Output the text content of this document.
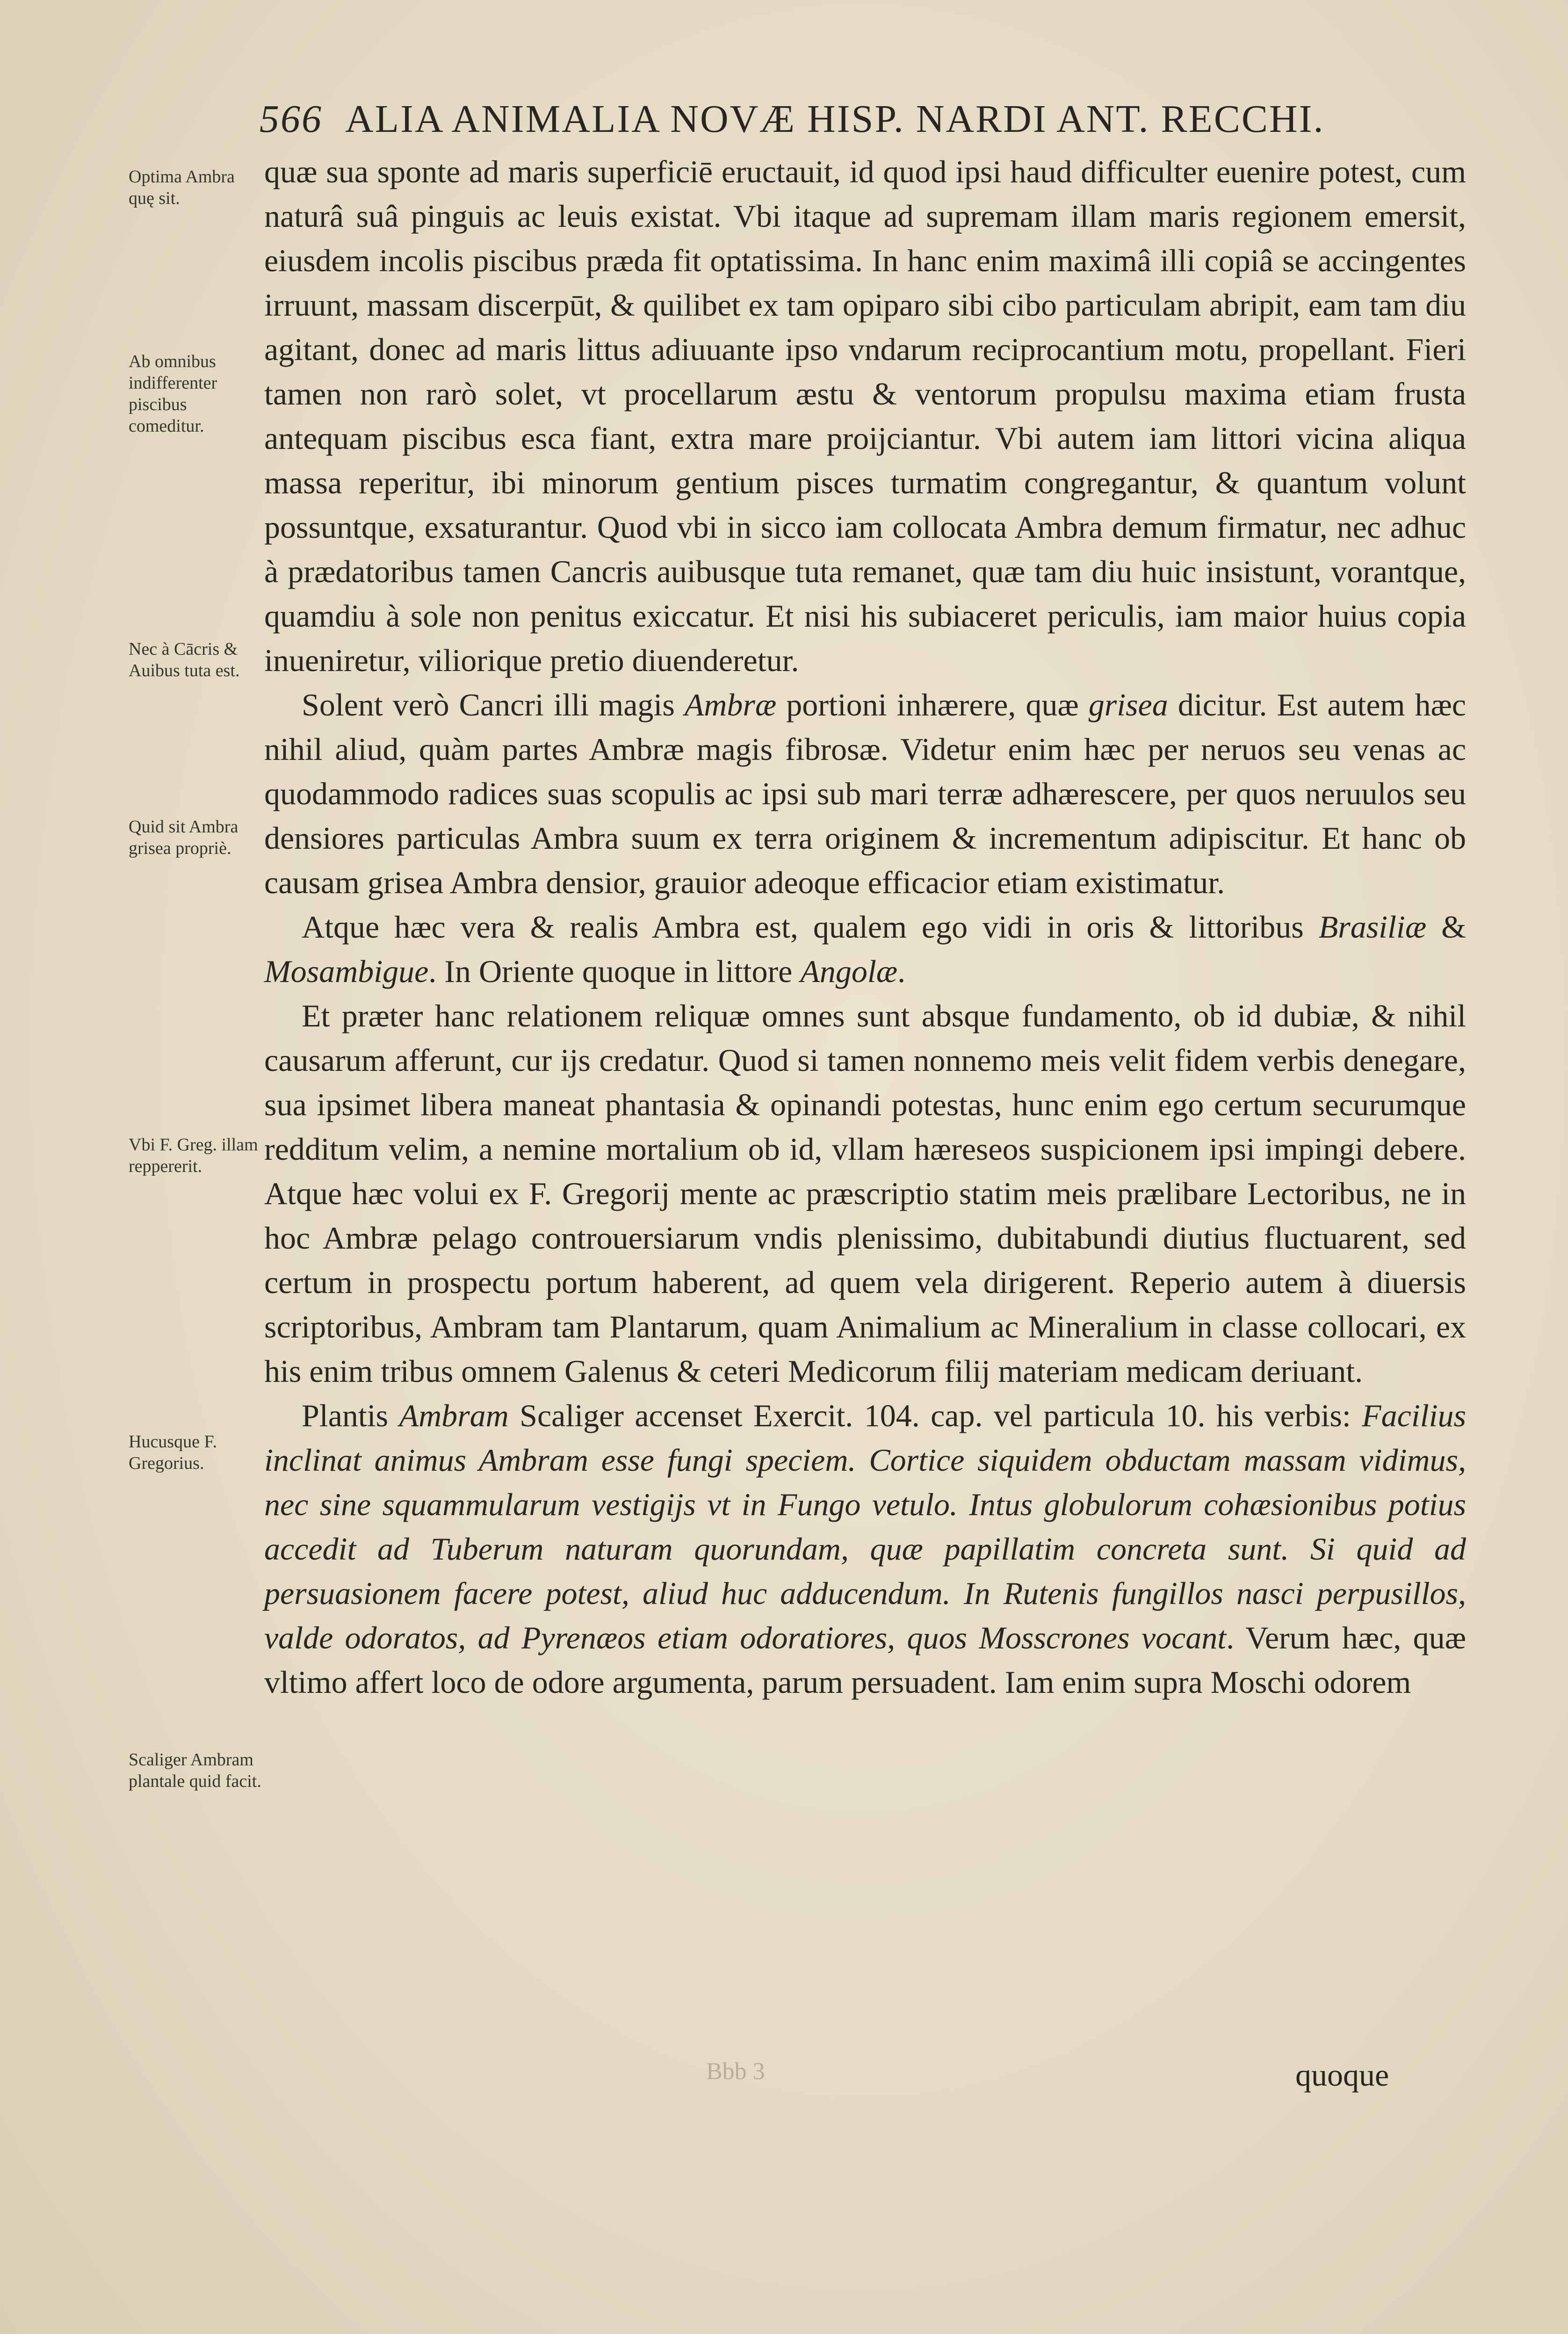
566 ALIA ANIMALIA NOVÆ HISP. NARDI ANT. RECCHI.
Optima Ambra quę sit.
Ab omnibus indifferenter piscibus comeditur.
Nec à Cācris & Auibus tuta est.
Quid sit Ambra grisea propriè.
Vbi F. Greg. illam reppererit.
Hucusque F. Gregorius.
Scaliger Ambram plantale quid facit.

quæ sua sponte ad maris superficiē eructauit, id quod ipsi haud difficulter euenire potest, cum naturâ suâ pinguis ac leuis existat. Vbi itaque ad supremam illam maris regionem emersit, eiusdem incolis piscibus præda fit optatissima. In hanc enim maximâ illi copiâ se accingentes irruunt, massam discerpūt, & quilibet ex tam opiparo sibi cibo particulam abripit, eam tam diu agitant, donec ad maris littus adiuuante ipso vndarum reciprocantium motu, propellant. Fieri tamen non rarò solet, vt procellarum æstu & ventorum propulsu maxima etiam frusta antequam piscibus esca fiant, extra mare proijciantur. Vbi autem iam littori vicina aliqua massa reperitur, ibi minorum gentium pisces turmatim congregantur, & quantum volunt possuntque, exsaturantur. Quod vbi in sicco iam collocata Ambra demum firmatur, nec adhuc à prædatoribus tamen Cancris auibusque tuta remanet, quæ tam diu huic insistunt, vorantque, quamdiu à sole non penitus exiccatur. Et nisi his subiaceret periculis, iam maior huius copia inueniretur, viliorique pretio diuenderetur.

Solent verò Cancri illi magis Ambræ portioni inhærere, quæ grisea dicitur. Est autem hæc nihil aliud, quàm partes Ambræ magis fibrosæ. Videtur enim hæc per neruos seu venas ac quodammodo radices suas scopulis ac ipsi sub mari terræ adhærescere, per quos neruulos seu densiores particulas Ambra suum ex terra originem & incrementum adipiscitur. Et hanc ob causam grisea Ambra densior, grauior adeoque efficacior etiam existimatur.

Atque hæc vera & realis Ambra est, qualem ego vidi in oris & littoribus Brasiliæ & Mosambigue. In Oriente quoque in littore Angolæ.

Et præter hanc relationem reliquæ omnes sunt absque fundamento, ob id dubiæ, & nihil causarum afferunt, cur ijs credatur. Quod si tamen nonnemo meis velit fidem verbis denegare, sua ipsimet libera maneat phantasia & opinandi potestas, hunc enim ego certum securumque redditum velim, a nemine mortalium ob id, vllam hæreseos suspicionem ipsi impingi debere. Atque hæc volui ex F. Gregorij mente ac præscriptio statim meis prælibare Lectoribus, ne in hoc Ambræ pelago controuersiarum vndis plenissimo, dubitabundi diutius fluctuarent, sed certum in prospectu portum haberent, ad quem vela dirigerent. Reperio autem à diuersis scriptoribus, Ambram tam Plantarum, quam Animalium ac Mineralium in classe collocari, ex his enim tribus omnem Galenus & ceteri Medicorum filij materiam medicam deriuant.

Plantis Ambram Scaliger accenset Exercit. 104. cap. vel particula 10. his verbis: Facilius inclinat animus Ambram esse fungi speciem. Cortice siquidem obductam massam vidimus, nec sine squammularum vestigijs vt in Fungo vetulo. Intus globulorum cohæsionibus potius accedit ad Tuberum naturam quorundam, quæ papillatim concreta sunt. Si quid ad persuasionem facere potest, aliud huc adducendum. In Rutenis fungillos nasci perpusillos, valde odoratos, ad Pyrenæos etiam odoratiores, quos Mosscrones vocant. Verum hæc, quæ vltimo affert loco de odore argumenta, parum persuadent. Iam enim supra Moschi odorem

Bbb 3	quoque
